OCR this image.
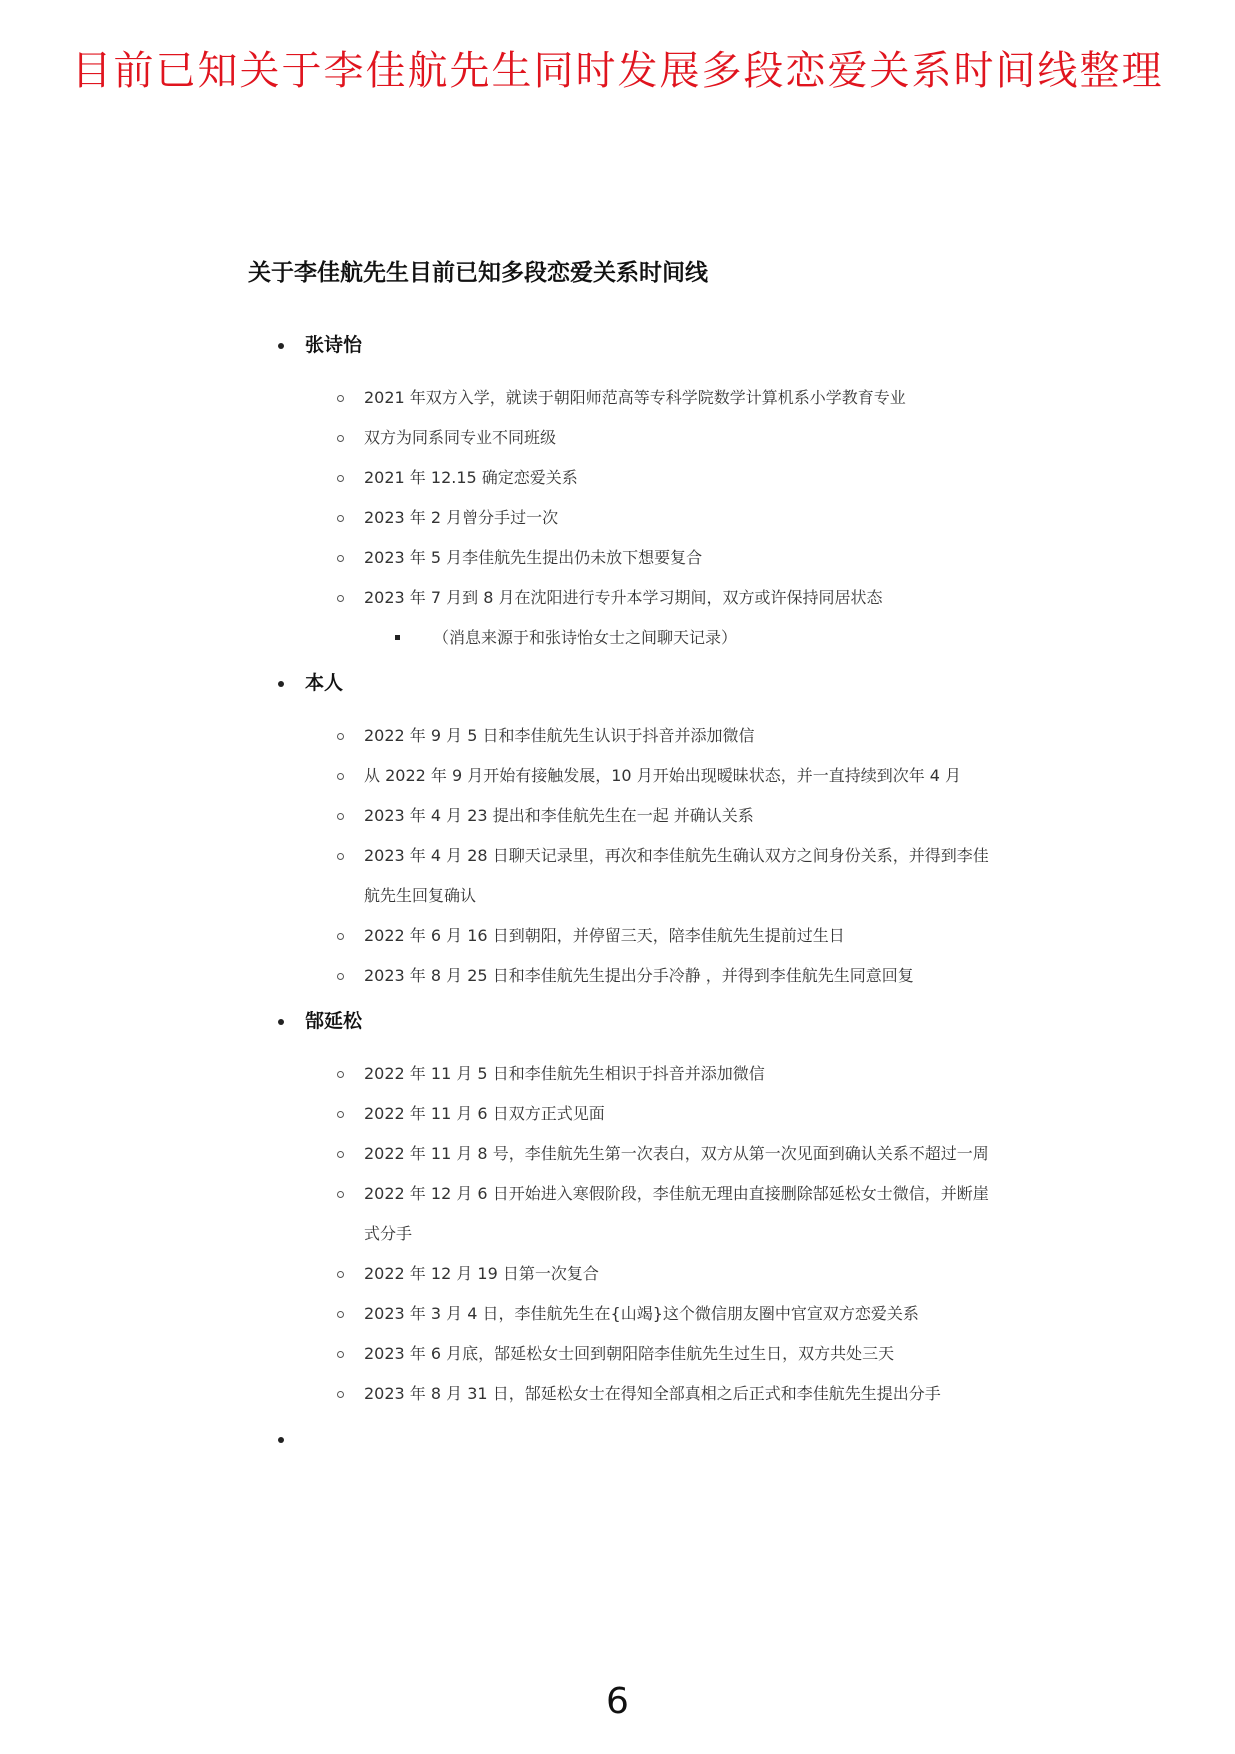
目前已知关于李佳航先生同时发展多段恋爱关系时间线整理
关于李佳航先生目前已知多段恋爱关系时间线
张诗怡
2021 年双方入学，就读于朝阳师范高等专科学院数学计算机系小学教育专业
双方为同系同专业不同班级
2021 年 12.15 确定恋爱关系
2023 年 2 月曾分手过一次
2023 年 5 月李佳航先生提出仍未放下想要复合
2023 年 7 月到 8 月在沈阳进行专升本学习期间，双方或许保持同居状态
（消息来源于和张诗怡女士之间聊天记录）
本人
2022 年 9 月 5 日和李佳航先生认识于抖音并添加微信
从 2022 年 9 月开始有接触发展，10 月开始出现暧昧状态，并一直持续到次年 4 月
2023 年 4 月 23 提出和李佳航先生在一起 并确认关系
2023 年 4 月 28 日聊天记录里，再次和李佳航先生确认双方之间身份关系，并得到李佳航先生回复确认
2022 年 6 月 16 日到朝阳，并停留三天，陪李佳航先生提前过生日
2023 年 8 月 25 日和李佳航先生提出分手冷静 ，并得到李佳航先生同意回复
郜延松
2022 年 11 月 5 日和李佳航先生相识于抖音并添加微信
2022 年 11 月 6 日双方正式见面
2022 年 11 月 8 号，李佳航先生第一次表白，双方从第一次见面到确认关系不超过一周
2022 年 12 月 6 日开始进入寒假阶段，李佳航无理由直接删除郜延松女士微信，并断崖式分手
2022 年 12 月 19 日第一次复合
2023 年 3 月 4 日，李佳航先生在{山竭}这个微信朋友圈中官宣双方恋爱关系
2023 年 6 月底，郜延松女士回到朝阳陪李佳航先生过生日，双方共处三天
2023 年 8 月 31 日，郜延松女士在得知全部真相之后正式和李佳航先生提出分手
6
